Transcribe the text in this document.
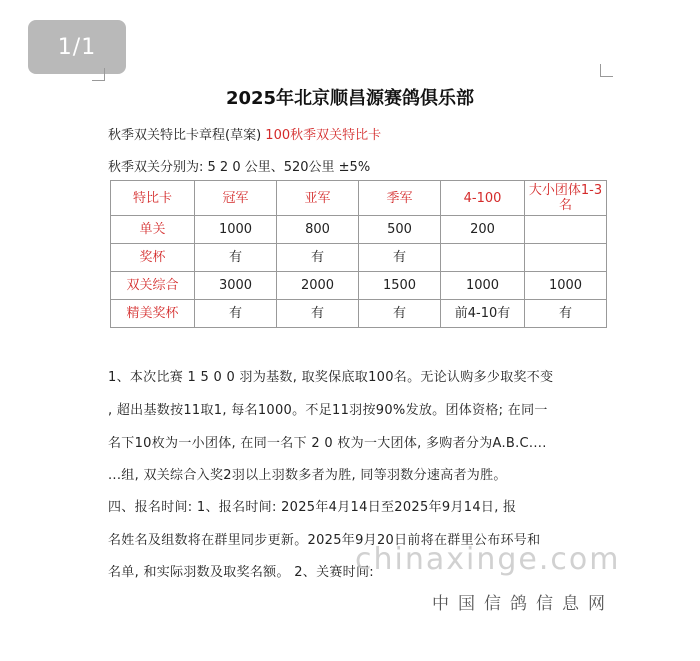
1/1
2025年北京顺昌源赛鸽俱乐部
秋季双关特比卡章程(草案) 100秋季双关特比卡
秋季双关分别为: 5 2 0 公里、520公里 ±5%
特比卡	冠军	亚军	季军	4-100	大小团体1-3名
单关	1000	800	500	200	
奖杯	有	有	有		
双关综合	3000	2000	1500	1000	1000
精美奖杯	有	有	有	前4-10有	有
1、本次比赛 1 5 0 0 羽为基数, 取奖保底取100名。无论认购多少取奖不变
, 超出基数按11取1, 每名1000。不足11羽按90%发放。团体资格; 在同一
名下10枚为一小团体, 在同一名下 2 0 枚为一大团体, 多购者分为A.B.C....
...组, 双关综合入奖2羽以上羽数多者为胜, 同等羽数分速高者为胜。
四、报名时间: 1、报名时间: 2025年4月14日至2025年9月14日, 报
名姓名及组数将在群里同步更新。2025年9月20日前将在群里公布环号和
名单, 和实际羽数及取奖名额。 2、关赛时间:
chinaxinge.com
中国信鸽信息网
